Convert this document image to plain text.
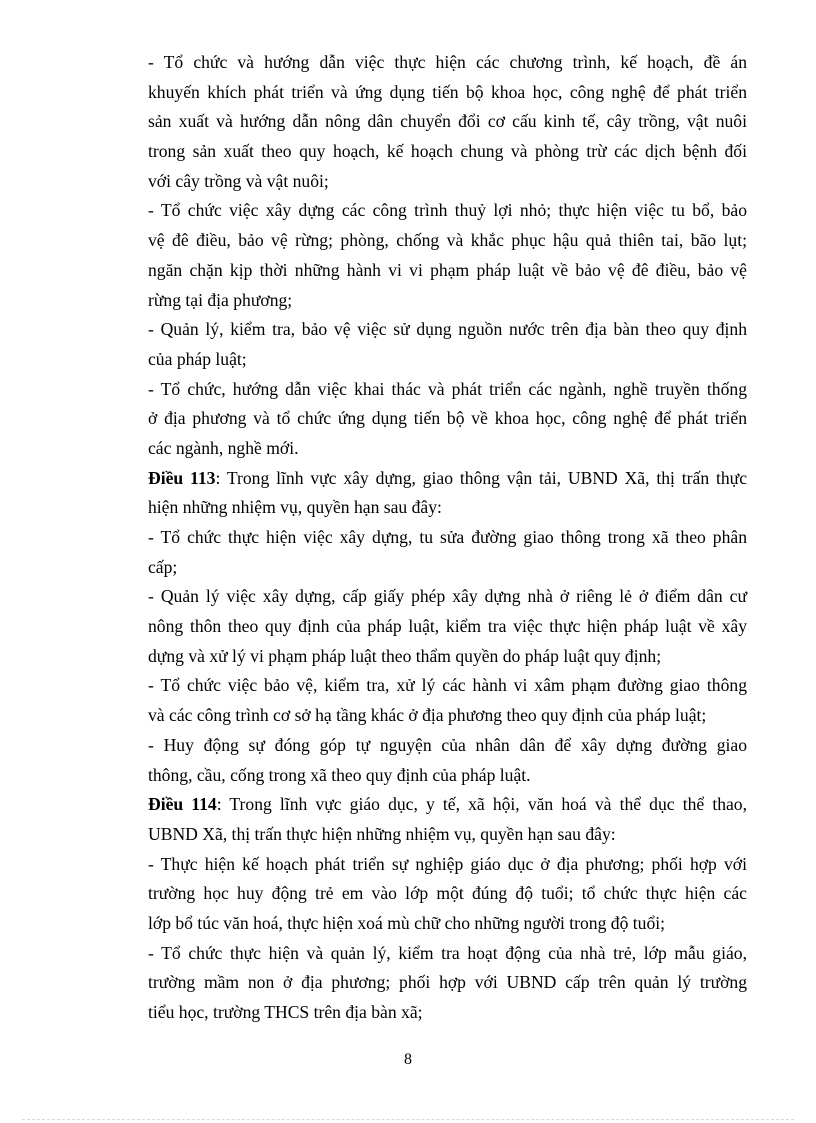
- Tổ chức và hướng dẫn việc thực hiện các chương trình, kế hoạch, đề án
khuyến khích phát triển và ứng dụng tiến bộ khoa học, công nghệ để phát triển
sản xuất và hướng dẫn nông dân chuyển đổi cơ cấu kinh tế, cây trồng, vật nuôi
trong sản xuất theo quy hoạch, kế hoạch chung và phòng trừ các dịch bệnh đối
với cây trồng và vật nuôi;
- Tổ chức việc xây dựng các công trình thuỷ lợi nhỏ; thực hiện việc tu bổ, bảo
vệ đê điều, bảo vệ rừng; phòng, chống và khắc phục hậu quả thiên tai, bão lụt;
ngăn chặn kịp thời những hành vi vi phạm pháp luật về bảo vệ đê điều, bảo vệ
rừng tại địa phương;
- Quản lý, kiểm tra, bảo vệ việc sử dụng nguồn nước trên địa bàn theo quy định
của pháp luật;
- Tổ chức, hướng dẫn việc khai thác và phát triển các ngành, nghề truyền thống
ở địa phương và tổ chức ứng dụng tiến bộ về khoa học, công nghệ để phát triển
các ngành, nghề mới.
Điều 113: Trong lĩnh vực xây dựng, giao thông vận tải, UBND Xã, thị trấn thực
hiện những nhiệm vụ, quyền hạn sau đây:
- Tổ chức thực hiện việc xây dựng, tu sửa đường giao thông trong xã theo phân
cấp;
- Quản lý việc xây dựng, cấp giấy phép xây dựng nhà ở riêng lẻ ở điểm dân cư
nông thôn theo quy định của pháp luật, kiểm tra việc thực hiện pháp luật về xây
dựng và xử lý vi phạm pháp luật theo thẩm quyền do pháp luật quy định;
- Tổ chức việc bảo vệ, kiểm tra, xử lý các hành vi xâm phạm đường giao thông
và các công trình cơ sở hạ tầng khác ở địa phương theo quy định của pháp luật;
- Huy động sự đóng góp tự nguyện của nhân dân để xây dựng đường giao
thông, cầu, cống trong xã theo quy định của pháp luật.
Điều 114: Trong lĩnh vực giáo dục, y tế, xã hội, văn hoá và thể dục thể thao,
UBND Xã, thị trấn thực hiện những nhiệm vụ, quyền hạn sau đây:
- Thực hiện kế hoạch phát triển sự nghiệp giáo dục ở địa phương; phối hợp với
trường học huy động trẻ em vào lớp một đúng độ tuổi; tổ chức thực hiện các
lớp bổ túc văn hoá, thực hiện xoá mù chữ cho những người trong độ tuổi;
- Tổ chức thực hiện và quản lý, kiểm tra hoạt động của nhà trẻ, lớp mẫu giáo,
trường mầm non ở địa phương; phối hợp với UBND cấp trên quản lý trường
tiểu học, trường THCS trên địa bàn xã;
8
